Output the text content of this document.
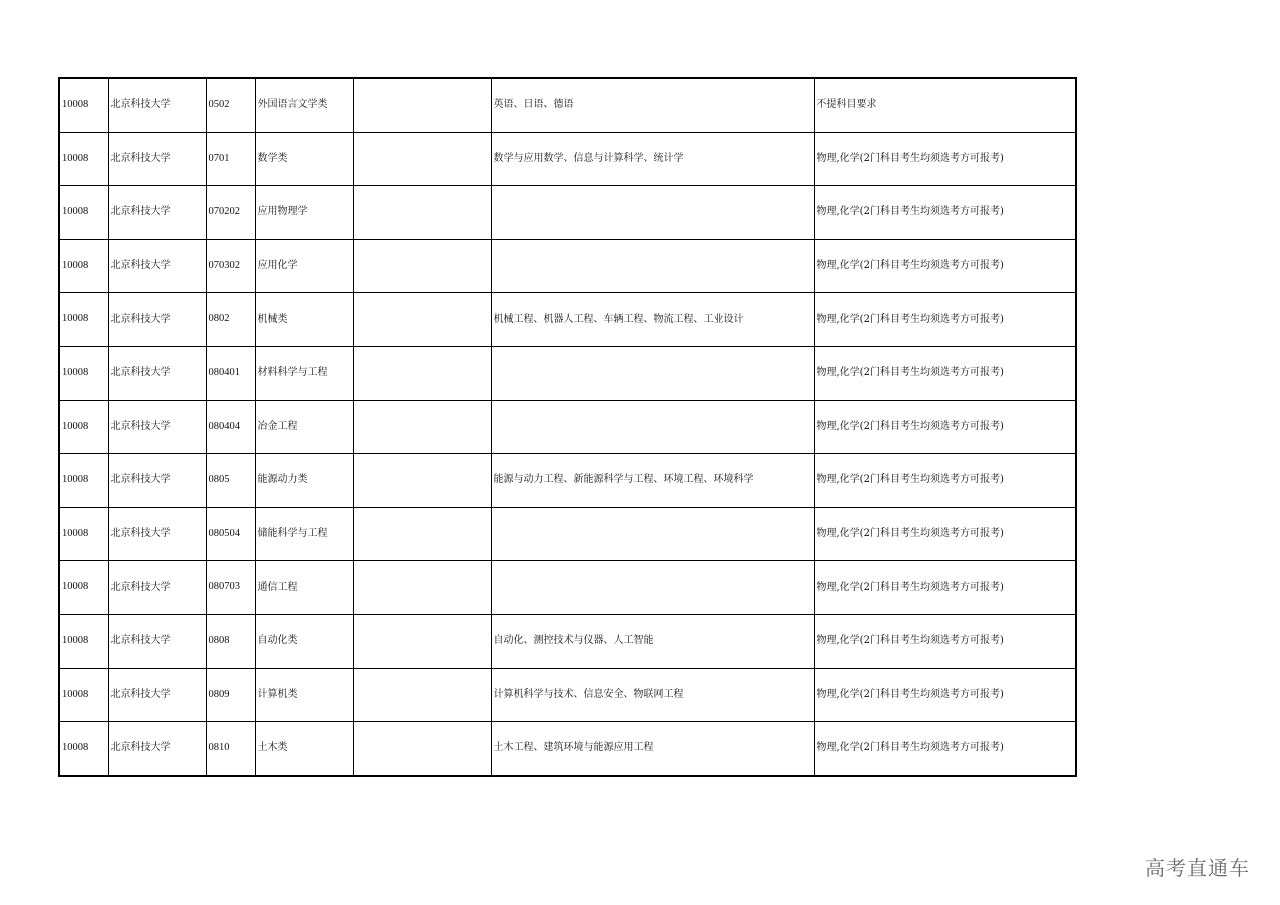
10008	北京科技大学	0502	外国语言文学类		英语、日语、德语	不提科目要求
10008	北京科技大学	0701	数学类		数学与应用数学、信息与计算科学、统计学	物理,化学(2门科目考生均须选考方可报考)
10008	北京科技大学	070202	应用物理学			物理,化学(2门科目考生均须选考方可报考)
10008	北京科技大学	070302	应用化学			物理,化学(2门科目考生均须选考方可报考)
10008	北京科技大学	0802	机械类		机械工程、机器人工程、车辆工程、物流工程、工业设计	物理,化学(2门科目考生均须选考方可报考)
10008	北京科技大学	080401	材料科学与工程			物理,化学(2门科目考生均须选考方可报考)
10008	北京科技大学	080404	冶金工程			物理,化学(2门科目考生均须选考方可报考)
10008	北京科技大学	0805	能源动力类		能源与动力工程、新能源科学与工程、环境工程、环境科学	物理,化学(2门科目考生均须选考方可报考)
10008	北京科技大学	080504	储能科学与工程			物理,化学(2门科目考生均须选考方可报考)
10008	北京科技大学	080703	通信工程			物理,化学(2门科目考生均须选考方可报考)
10008	北京科技大学	0808	自动化类		自动化、测控技术与仪器、人工智能	物理,化学(2门科目考生均须选考方可报考)
10008	北京科技大学	0809	计算机类		计算机科学与技术、信息安全、物联网工程	物理,化学(2门科目考生均须选考方可报考)
10008	北京科技大学	0810	土木类		土木工程、建筑环境与能源应用工程	物理,化学(2门科目考生均须选考方可报考)
高考直通车
